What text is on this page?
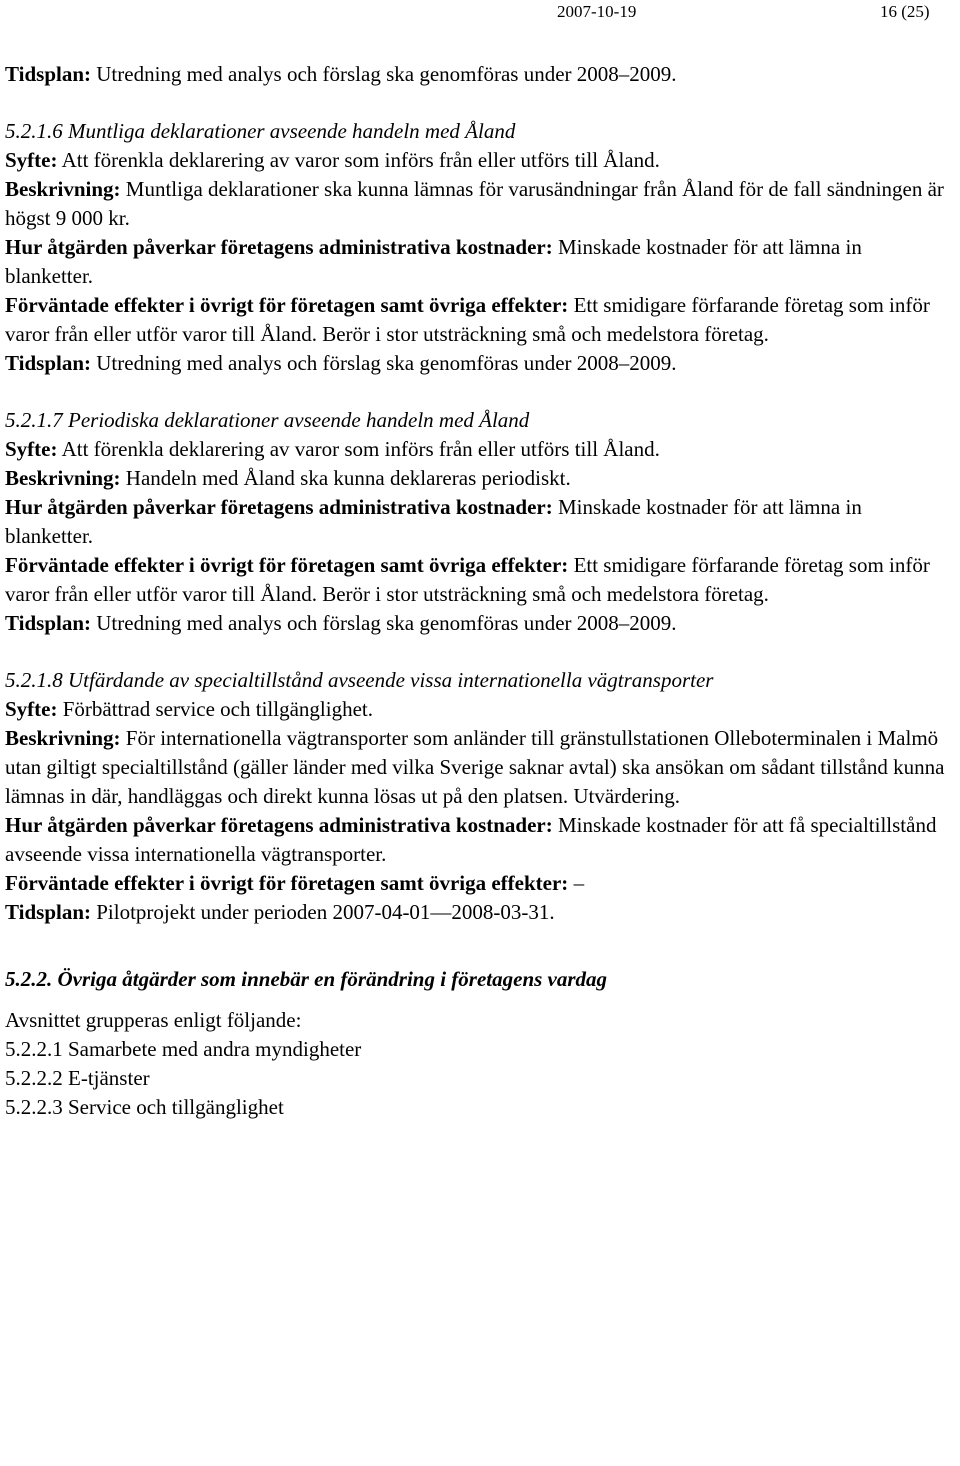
2007-10-19	16 (25)

Tidsplan: Utredning med analys och förslag ska genomföras under 2008–2009.

5.2.1.6 Muntliga deklarationer avseende handeln med Åland

Syfte: Att förenkla deklarering av varor som införs från eller utförs till Åland.

Beskrivning: Muntliga deklarationer ska kunna lämnas för varusändningar från Åland för de fall sändningen är högst 9 000 kr.

Hur åtgärden påverkar företagens administrativa kostnader: Minskade kostnader för att lämna in blanketter.

Förväntade effekter i övrigt för företagen samt övriga effekter: Ett smidigare förfarande företag som inför varor från eller utför varor till Åland. Berör i stor utsträckning små och medelstora företag.

Tidsplan: Utredning med analys och förslag ska genomföras under 2008–2009.

5.2.1.7 Periodiska deklarationer avseende handeln med Åland

Syfte: Att förenkla deklarering av varor som införs från eller utförs till Åland.

Beskrivning: Handeln med Åland ska kunna deklareras periodiskt.

Hur åtgärden påverkar företagens administrativa kostnader: Minskade kostnader för att lämna in blanketter.

Förväntade effekter i övrigt för företagen samt övriga effekter: Ett smidigare förfarande företag som inför varor från eller utför varor till Åland. Berör i stor utsträckning små och medelstora företag.

Tidsplan: Utredning med analys och förslag ska genomföras under 2008–2009.

5.2.1.8 Utfärdande av specialtillstånd avseende vissa internationella vägtransporter

Syfte: Förbättrad service och tillgänglighet.

Beskrivning: För internationella vägtransporter som anländer till gränstullstationen Olleboterminalen i Malmö utan giltigt specialtillstånd (gäller länder med vilka Sverige saknar avtal) ska ansökan om sådant tillstånd kunna lämnas in där, handläggas och direkt kunna lösas ut på den platsen. Utvärdering.

Hur åtgärden påverkar företagens administrativa kostnader: Minskade kostnader för att få specialtillstånd avseende vissa internationella vägtransporter.

Förväntade effekter i övrigt för företagen samt övriga effekter: –

Tidsplan: Pilotprojekt under perioden 2007-04-01—2008-03-31.

5.2.2. Övriga åtgärder som innebär en förändring i företagens vardag

Avsnittet grupperas enligt följande:

5.2.2.1 Samarbete med andra myndigheter

5.2.2.2 E-tjänster

5.2.2.3 Service och tillgänglighet
